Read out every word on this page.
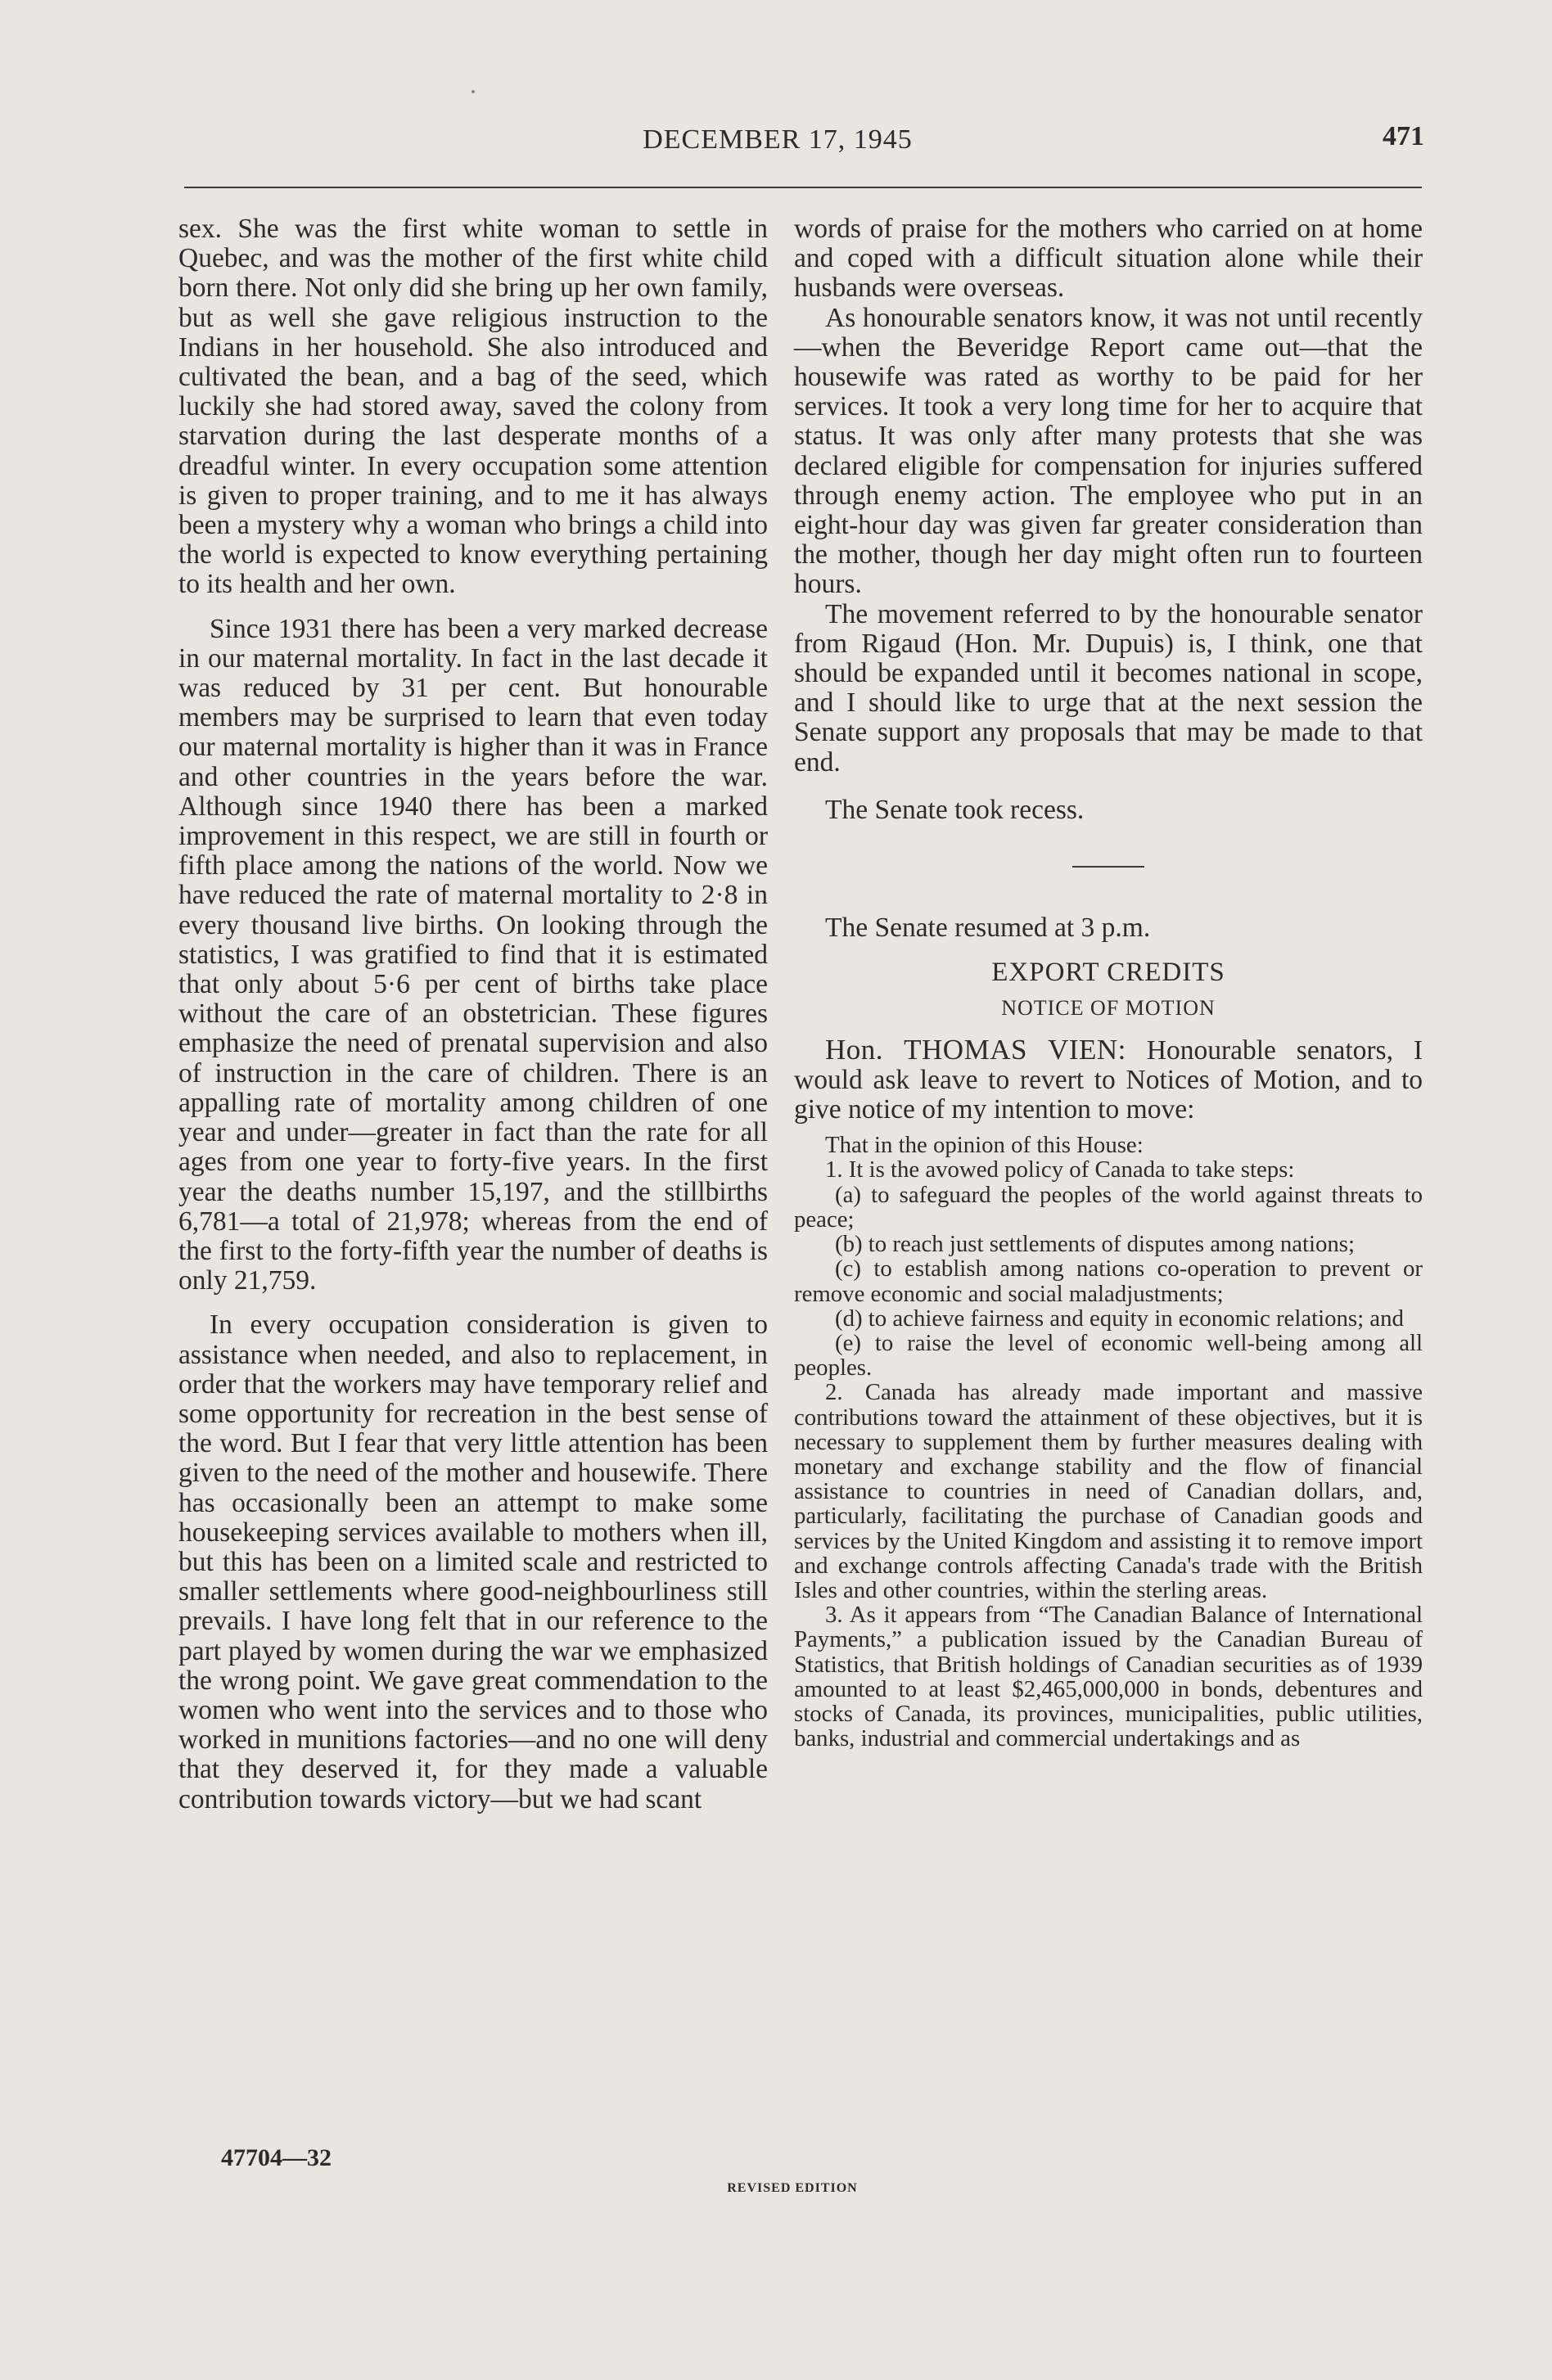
DECEMBER 17, 1945	471

sex. She was the first white woman to settle in Quebec, and was the mother of the first white child born there. Not only did she bring up her own family, but as well she gave religious instruction to the Indians in her household. She also introduced and cultivated the bean, and a bag of the seed, which luckily she had stored away, saved the colony from starvation during the last desperate months of a dreadful winter. In every occupation some attention is given to proper training, and to me it has always been a mystery why a woman who brings a child into the world is expected to know everything pertaining to its health and her own.

Since 1931 there has been a very marked decrease in our maternal mortality. In fact in the last decade it was reduced by 31 per cent. But honourable members may be surprised to learn that even today our maternal mortality is higher than it was in France and other countries in the years before the war. Although since 1940 there has been a marked improvement in this respect, we are still in fourth or fifth place among the nations of the world. Now we have reduced the rate of maternal mortality to 2·8 in every thousand live births. On looking through the statistics, I was gratified to find that it is estimated that only about 5·6 per cent of births take place without the care of an obstetrician. These figures emphasize the need of prenatal supervision and also of instruction in the care of children. There is an appalling rate of mortality among children of one year and under—greater in fact than the rate for all ages from one year to forty-five years. In the first year the deaths number 15,197, and the stillbirths 6,781—a total of 21,978; whereas from the end of the first to the forty-fifth year the number of deaths is only 21,759.

In every occupation consideration is given to assistance when needed, and also to replacement, in order that the workers may have temporary relief and some opportunity for recreation in the best sense of the word. But I fear that very little attention has been given to the need of the mother and housewife. There has occasionally been an attempt to make some housekeeping services available to mothers when ill, but this has been on a limited scale and restricted to smaller settlements where good-neighbourliness still prevails. I have long felt that in our reference to the part played by women during the war we emphasized the wrong point. We gave great commendation to the women who went into the services and to those who worked in munitions factories—and no one will deny that they deserved it, for they made a valuable contribution towards victory—but we had scant

words of praise for the mothers who carried on at home and coped with a difficult situation alone while their husbands were overseas.

As honourable senators know, it was not until recently—when the Beveridge Report came out—that the housewife was rated as worthy to be paid for her services. It took a very long time for her to acquire that status. It was only after many protests that she was declared eligible for compensation for injuries suffered through enemy action. The employee who put in an eight-hour day was given far greater consideration than the mother, though her day might often run to fourteen hours.

The movement referred to by the honourable senator from Rigaud (Hon. Mr. Dupuis) is, I think, one that should be expanded until it becomes national in scope, and I should like to urge that at the next session the Senate support any proposals that may be made to that end.

The Senate took recess.

The Senate resumed at 3 p.m.

EXPORT CREDITS

NOTICE OF MOTION

Hon. THOMAS VIEN: Honourable senators, I would ask leave to revert to Notices of Motion, and to give notice of my intention to move:

That in the opinion of this House:

1. It is the avowed policy of Canada to take steps:

(a) to safeguard the peoples of the world against threats to peace;

(b) to reach just settlements of disputes among nations;

(c) to establish among nations co-operation to prevent or remove economic and social maladjustments;

(d) to achieve fairness and equity in economic relations; and

(e) to raise the level of economic well-being among all peoples.

2. Canada has already made important and massive contributions toward the attainment of these objectives, but it is necessary to supplement them by further measures dealing with monetary and exchange stability and the flow of financial assistance to countries in need of Canadian dollars, and, particularly, facilitating the purchase of Canadian goods and services by the United Kingdom and assisting it to remove import and exchange controls affecting Canada's trade with the British Isles and other countries, within the sterling areas.

3. As it appears from “The Canadian Balance of International Payments,” a publication issued by the Canadian Bureau of Statistics, that British holdings of Canadian securities as of 1939 amounted to at least $2,465,000,000 in bonds, debentures and stocks of Canada, its provinces, municipalities, public utilities, banks, industrial and commercial undertakings and as

47704—32
REVISED EDITION
